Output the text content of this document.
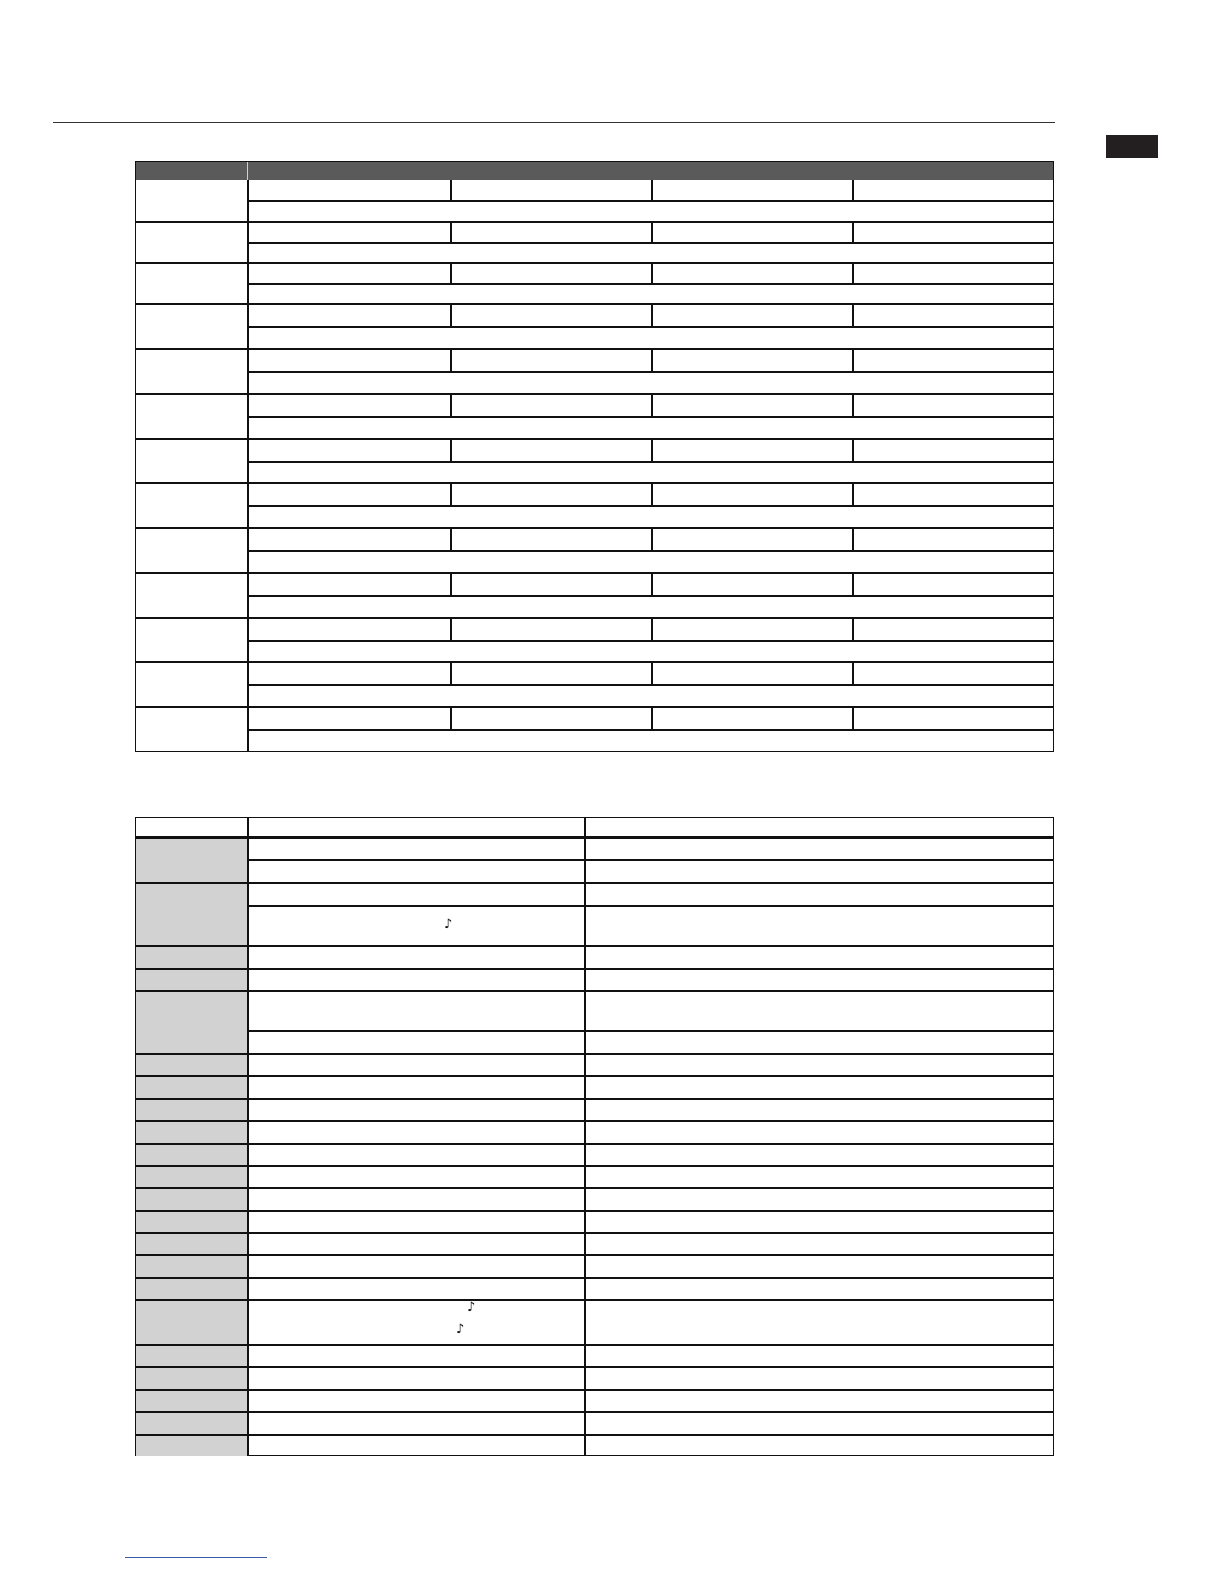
♪
♪
♪
